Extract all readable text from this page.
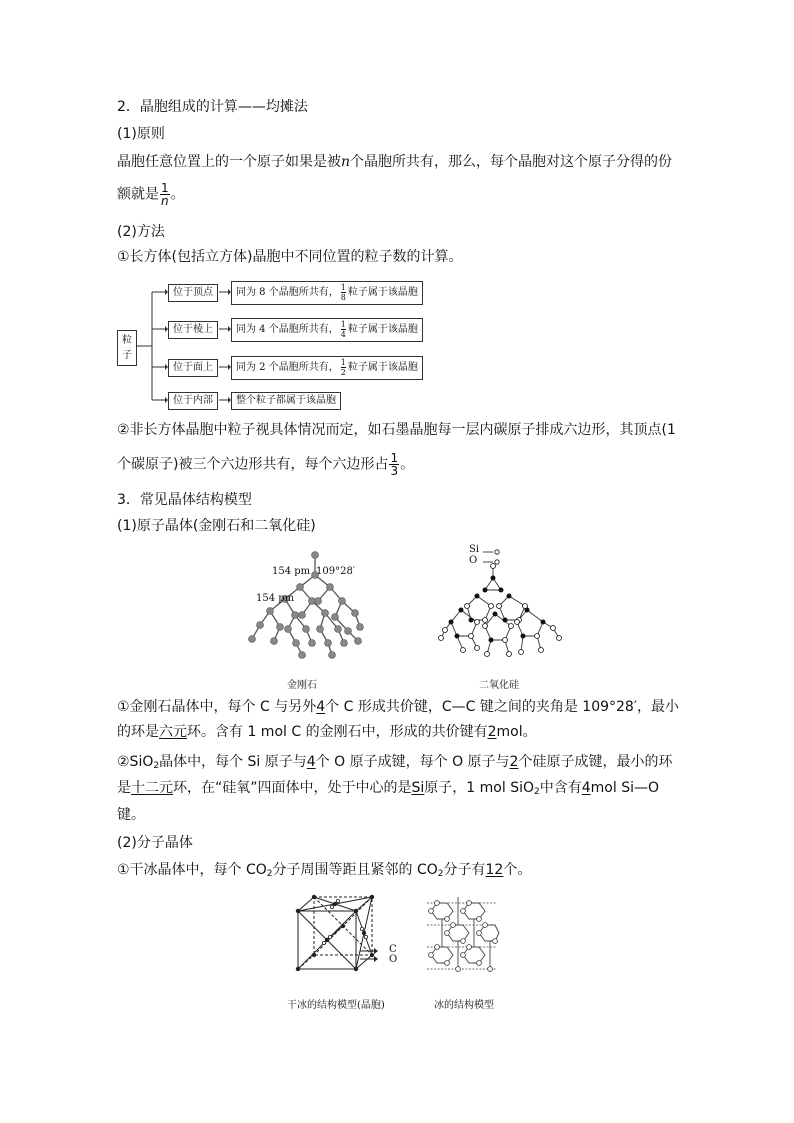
2．晶胞组成的计算——均摊法
(1)原则
晶胞任意位置上的一个原子如果是被n个晶胞所共有，那么，每个晶胞对这个原子分得的份
额就是 $\frac{1}{n}$ 。
(2)方法
①长方体(包括立方体)晶胞中不同位置的粒子数的计算。
粒子
位于顶点
位于棱上
位于面上
位于内部
同为 8 个晶胞所共有， $\frac{1}{8}$ 粒子属于该晶胞
同为 4 个晶胞所共有， $\frac{1}{4}$ 粒子属于该晶胞
同为 2 个晶胞所共有， $\frac{1}{2}$ 粒子属于该晶胞
整个粒子都属于该晶胞
②非长方体晶胞中粒子视具体情况而定，如石墨晶胞每一层内碳原子排成六边形，其顶点(1
个碳原子)被三个六边形共有，每个六边形占 $\frac{1}{3}$ 。
3．常见晶体结构模型
(1)原子晶体(金刚石和二氧化硅)
154 pm 109°28′
154 pm
金刚石
Si
O
二氧化硅
①金刚石晶体中，每个 C 与另外4个 C 形成共价键，C—C 键之间的夹角是 109°28′，最小
的环是六元环。含有 1 mol C 的金刚石中，形成的共价键有2mol。
②SiO$_2$晶体中，每个 Si 原子与4个 O 原子成键，每个 O 原子与2个硅原子成键，最小的环
是十二元环，在“硅氧”四面体中，处于中心的是Si原子，1 mol SiO$_2$中含有4mol Si—O
键。
(2)分子晶体
①干冰晶体中，每个 $CO_2$分子周围等距且紧邻的 $CO_2$分子有12个。
C
O
干冰的结构模型(晶胞)	冰的结构模型
